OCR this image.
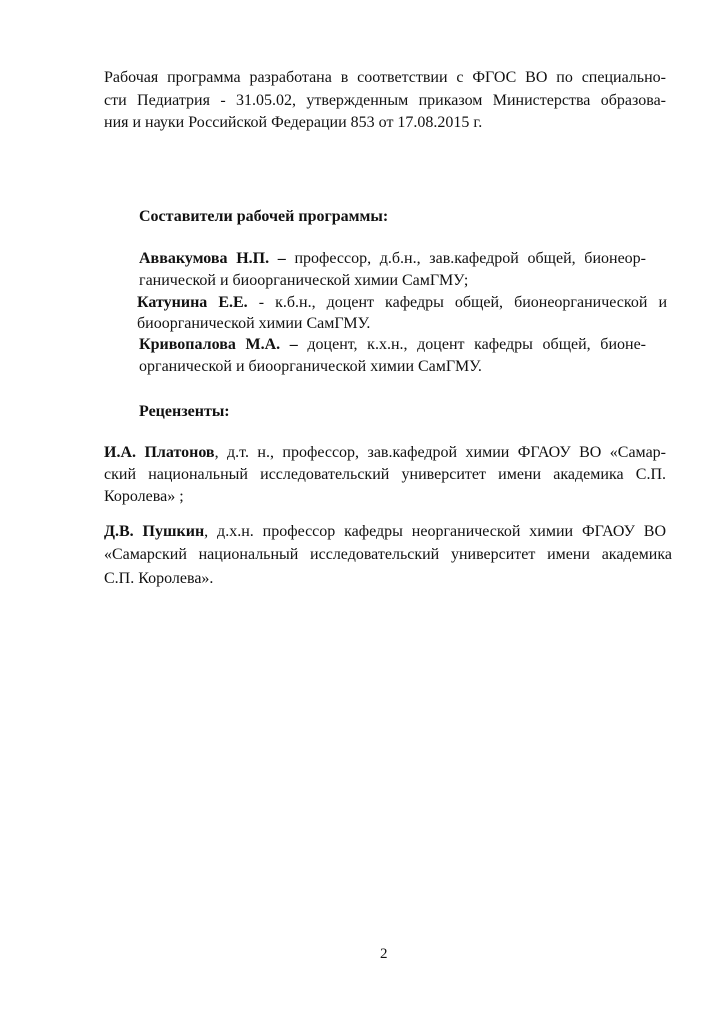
Рабочая программа разработана в соответствии с ФГОС ВО по специально-
сти Педиатрия - 31.05.02, утвержденным приказом Министерства образова-
ния и науки Российской Федерации 853 от 17.08.2015 г.
Составители рабочей программы:
Аввакумова Н.П. – профессор, д.б.н., зав.кафедрой общей, бионеор-
ганической и биоорганической химии СамГМУ;
Катунина Е.Е. - к.б.н., доцент кафедры общей, бионеорганической и
биоорганической химии СамГМУ.
Кривопалова М.А. – доцент, к.х.н., доцент кафедры общей, бионе-
органической и биоорганической химии СамГМУ.
Рецензенты:
И.А. Платонов, д.т. н., профессор, зав.кафедрой химии ФГАОУ ВО «Самар-
ский национальный исследовательский университет имени академика С.П.
Королева» ;
Д.В. Пушкин, д.х.н. профессор кафедры неорганической химии ФГАОУ ВО
«Самарский национальный исследовательский университет имени академика
С.П. Королева».
2
